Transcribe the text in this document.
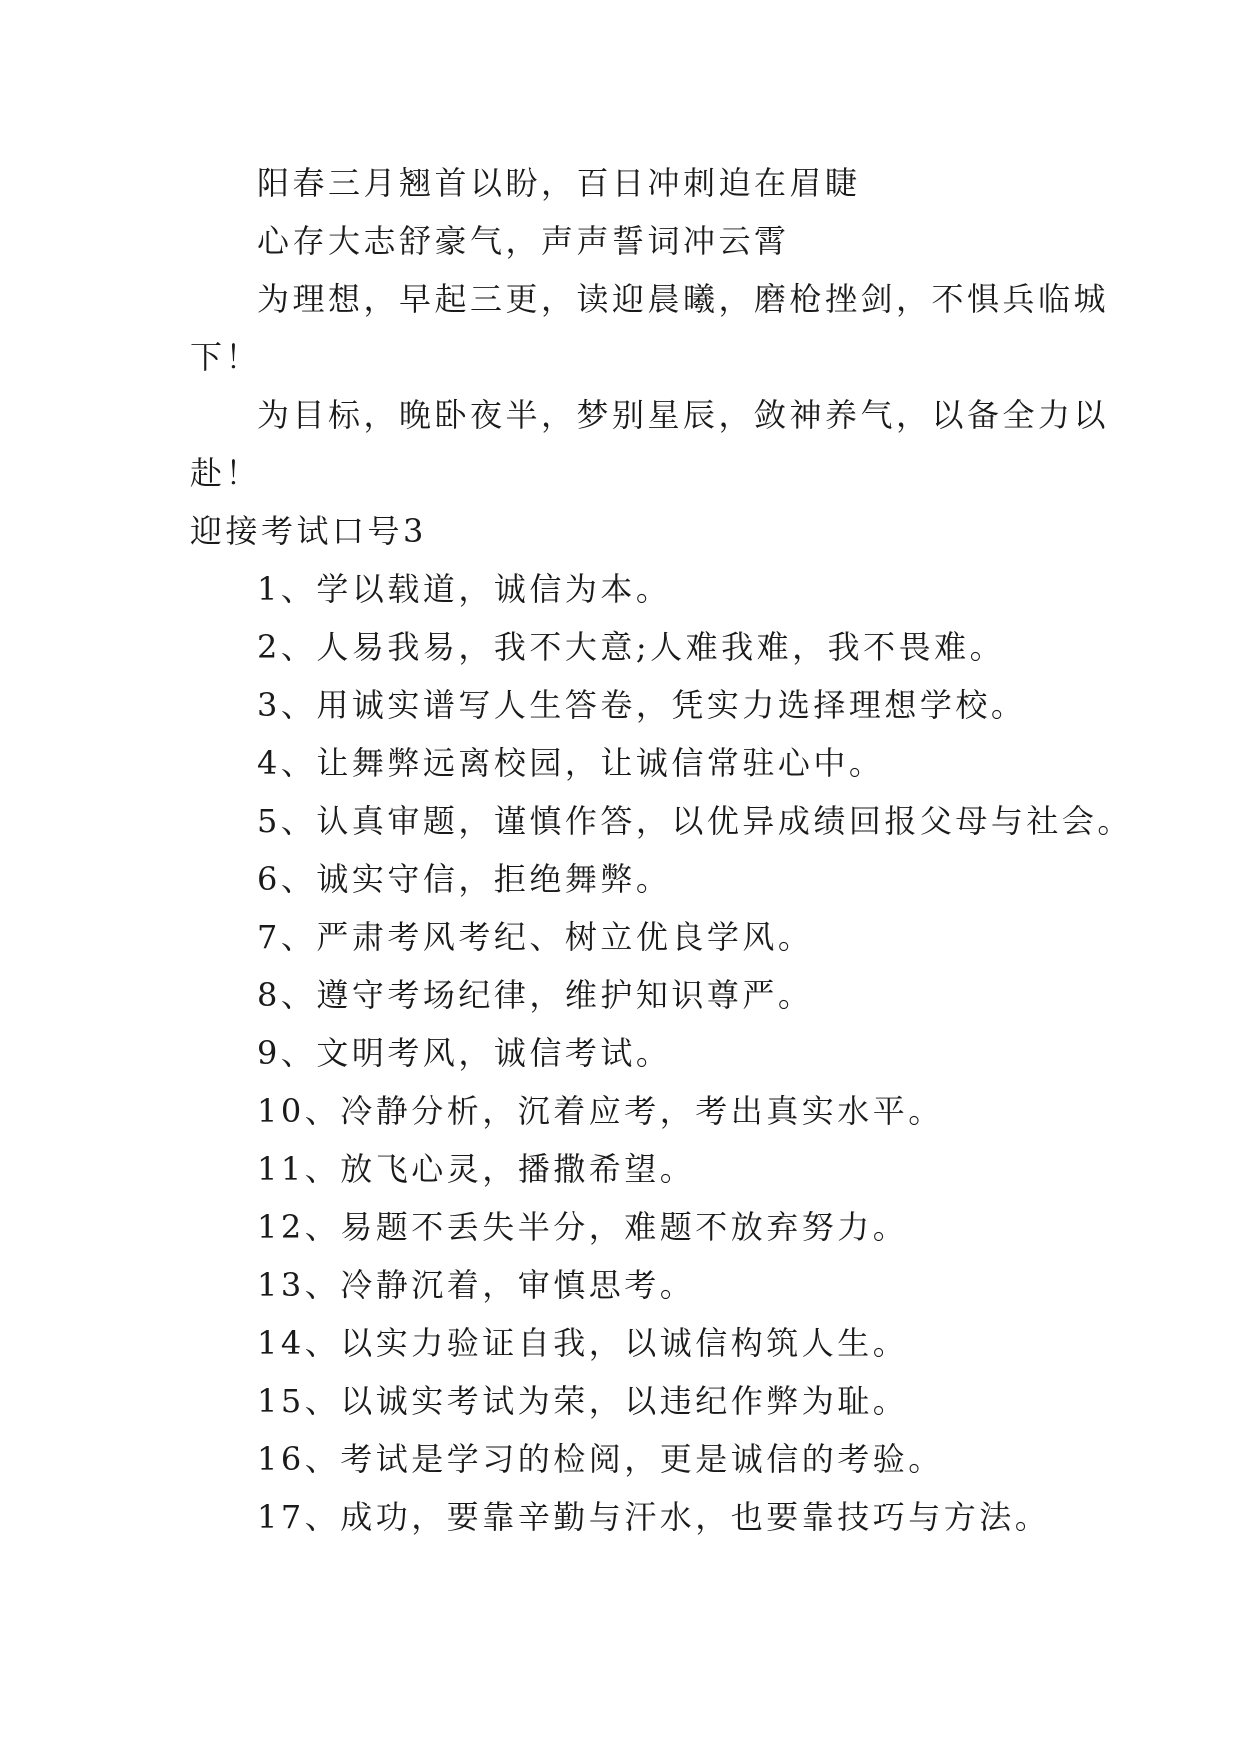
阳春三月翘首以盼，百日冲刺迫在眉睫
心存大志舒豪气，声声誓词冲云霄
为理想，早起三更，读迎晨曦，磨枪挫剑，不惧兵临城
下！
为目标，晚卧夜半，梦别星辰，敛神养气，以备全力以
赴！
迎接考试口号3
1、学以载道，诚信为本。
2、人易我易，我不大意;人难我难，我不畏难。
3、用诚实谱写人生答卷，凭实力选择理想学校。
4、让舞弊远离校园，让诚信常驻心中。
5、认真审题，谨慎作答，以优异成绩回报父母与社会。
6、诚实守信，拒绝舞弊。
7、严肃考风考纪、树立优良学风。
8、遵守考场纪律，维护知识尊严。
9、文明考风，诚信考试。
10、冷静分析，沉着应考，考出真实水平。
11、放飞心灵，播撒希望。
12、易题不丢失半分，难题不放弃努力。
13、冷静沉着，审慎思考。
14、以实力验证自我，以诚信构筑人生。
15、以诚实考试为荣，以违纪作弊为耻。
16、考试是学习的检阅，更是诚信的考验。
17、成功，要靠辛勤与汗水，也要靠技巧与方法。
